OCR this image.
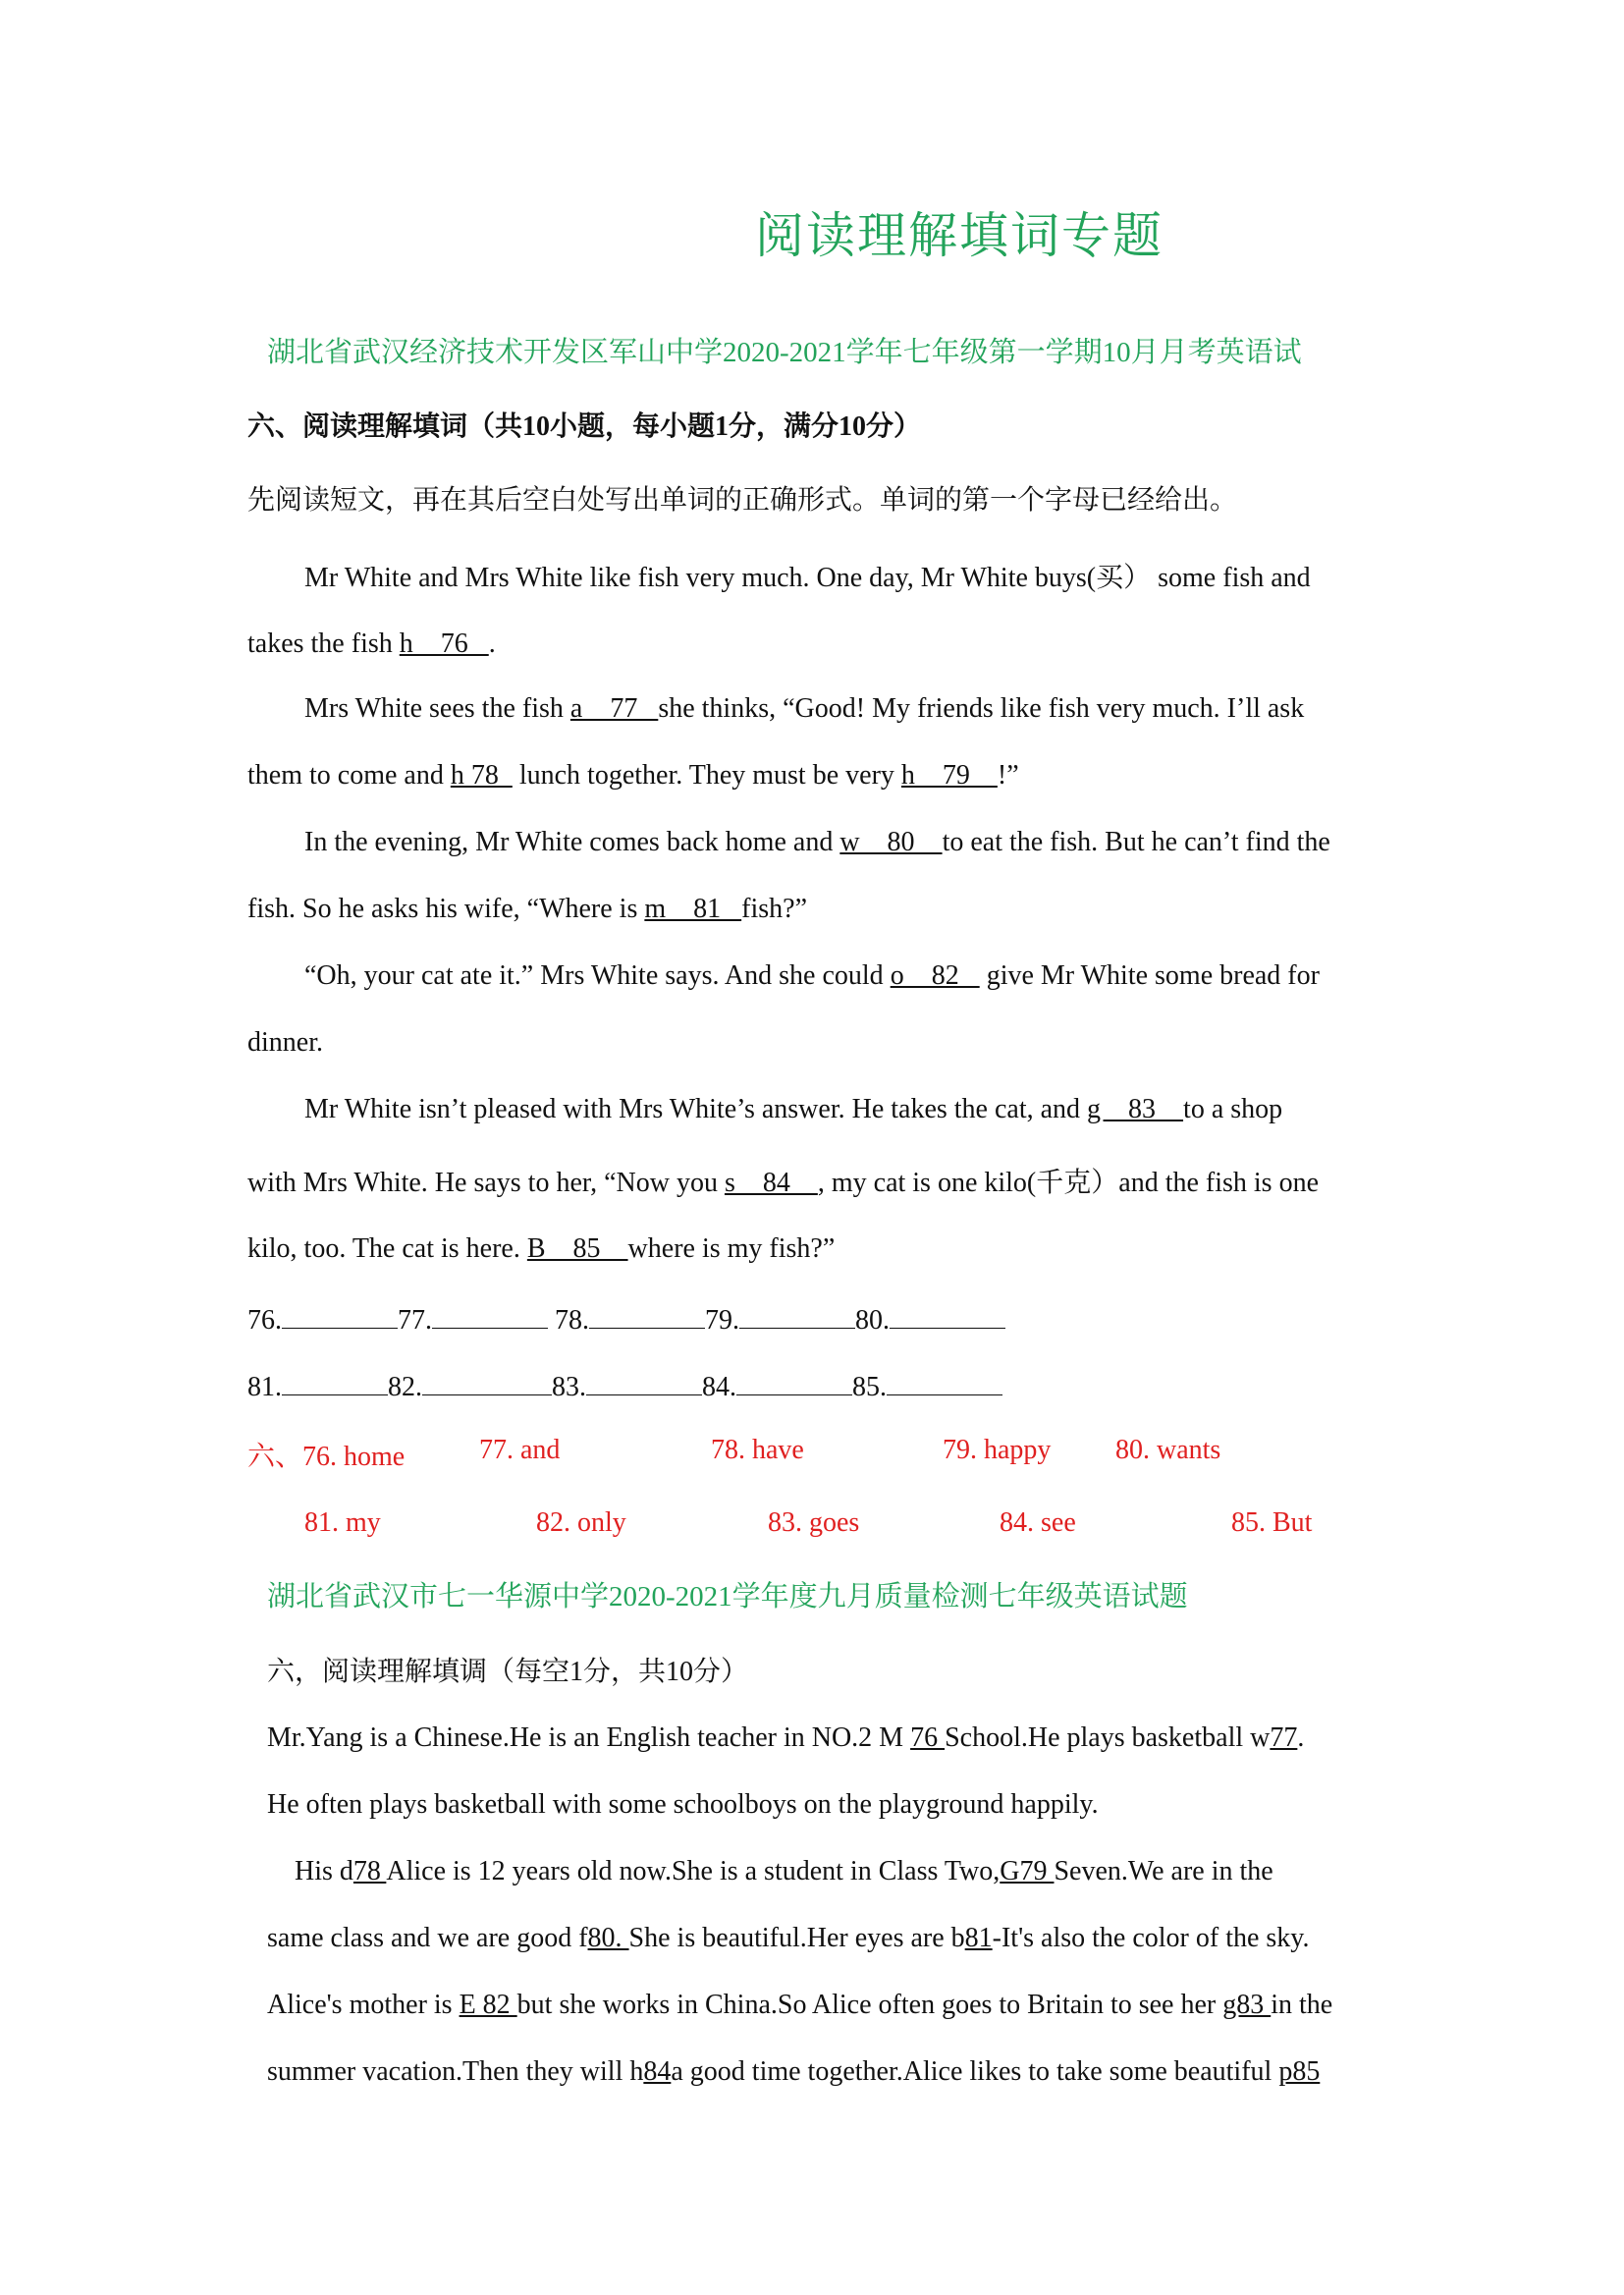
阅读理解填词专题
湖北省武汉经济技术开发区军山中学2020-2021学年七年级第一学期10月月考英语试
六、阅读理解填词（共10小题，每小题1分，满分10分）
先阅读短文，再在其后空白处写出单词的正确形式。单词的第一个字母已经给出。
Mr White and Mrs White like fish very much. One day, Mr White buys(买） some fish and
takes the fish h    76   .
Mrs White sees the fish a    77   she thinks, “Good! My friends like fish very much. I’ll ask
them to come and h 78   lunch together. They must be very h    79    !”
In the evening, Mr White comes back home and w    80    to eat the fish. But he can’t find the
fish. So he asks his wife, “Where is m    81   fish?”
“Oh, your cat ate it.” Mrs White says. And she could o    82    give Mr White some bread for
dinner.
Mr White isn’t pleased with Mrs White’s answer. He takes the cat, and g    83    to a shop
with Mrs White. He says to her, “Now you s    84    , my cat is one kilo(千克）and the fish is one
kilo, too. The cat is here. B    85    where is my fish?”
76.	77.	78.	79.	80.
81.	82.	83.	84.	85.
六、76. home	77. and	78. have	79. happy 80. wants
81. my	82. only	83. goes	84. see	85. But
湖北省武汉市七一华源中学2020-2021学年度九月质量检测七年级英语试题
六，阅读理解填调（每空1分，共10分）
Mr.Yang is a Chinese.He is an English teacher in NO.2 M 76 School.He plays basketball w77.
He often plays basketball with some schoolboys on the playground happily.
His d78 Alice is 12 years old now.She is a student in Class Two,G79 Seven.We are in the
same class and we are good f80. She is beautiful.Her eyes are b81-It's also the color of the sky.
Alice's mother is E 82 but she works in China.So Alice often goes to Britain to see her g83 in the
summer vacation.Then they will h84a good time together.Alice likes to take some beautiful p85
